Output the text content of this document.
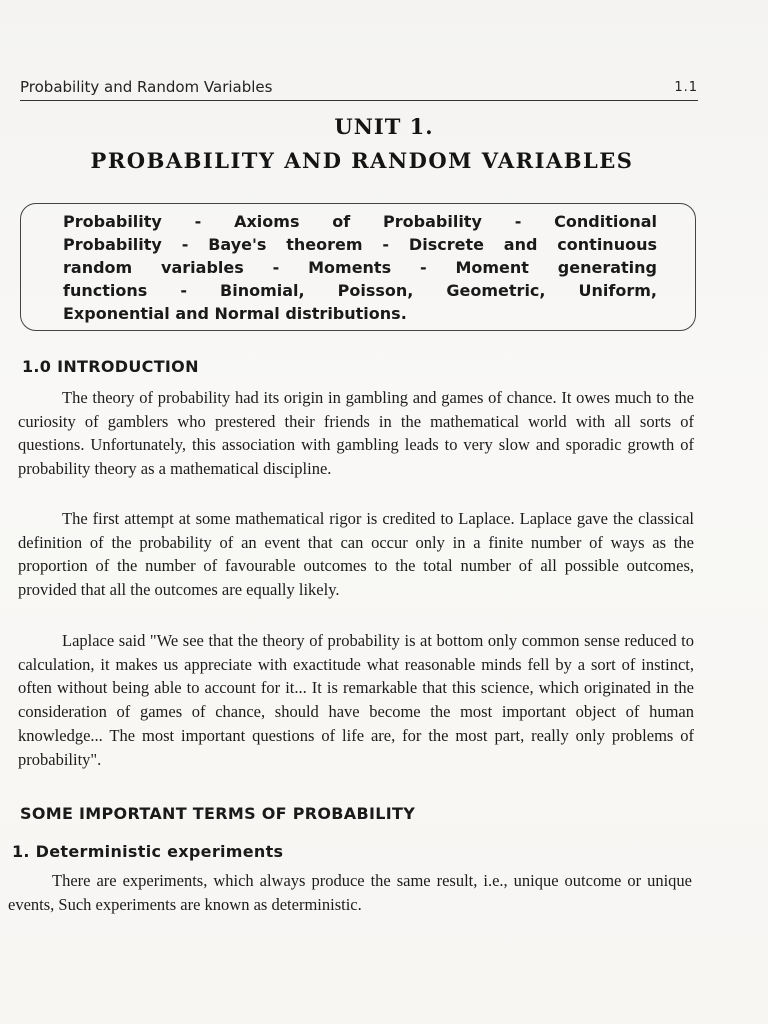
Probability and Random Variables	1.1
UNIT 1.
PROBABILITY AND RANDOM VARIABLES

Probability - Axioms of Probability - Conditional

Probability - Baye's theorem - Discrete and continuous

random variables - Moments - Moment generating

functions - Binomial, Poisson, Geometric, Uniform,

Exponential and Normal distributions.

1.0 INTRODUCTION

The theory of probability had its origin in gambling and games of chance. It owes much to the curiosity of gamblers who prestered their friends in the mathematical world with all sorts of questions. Unfortunately, this association with gambling leads to very slow and sporadic growth of probability theory as a mathematical discipline.

The first attempt at some mathematical rigor is credited to Laplace. Laplace gave the classical definition of the probability of an event that can occur only in a finite number of ways as the proportion of the number of favourable outcomes to the total number of all possible outcomes, provided that all the outcomes are equally likely.

Laplace said "We see that the theory of probability is at bottom only common sense reduced to calculation, it makes us appreciate with exactitude what reasonable minds fell by a sort of instinct, often without being able to account for it... It is remarkable that this science, which originated in the consideration of games of chance, should have become the most important object of human knowledge... The most important questions of life are, for the most part, really only problems of probability".

SOME IMPORTANT TERMS OF PROBABILITY
1. Deterministic experiments

There are experiments, which always produce the same result, i.e., unique outcome or unique events, Such experiments are known as deterministic.
